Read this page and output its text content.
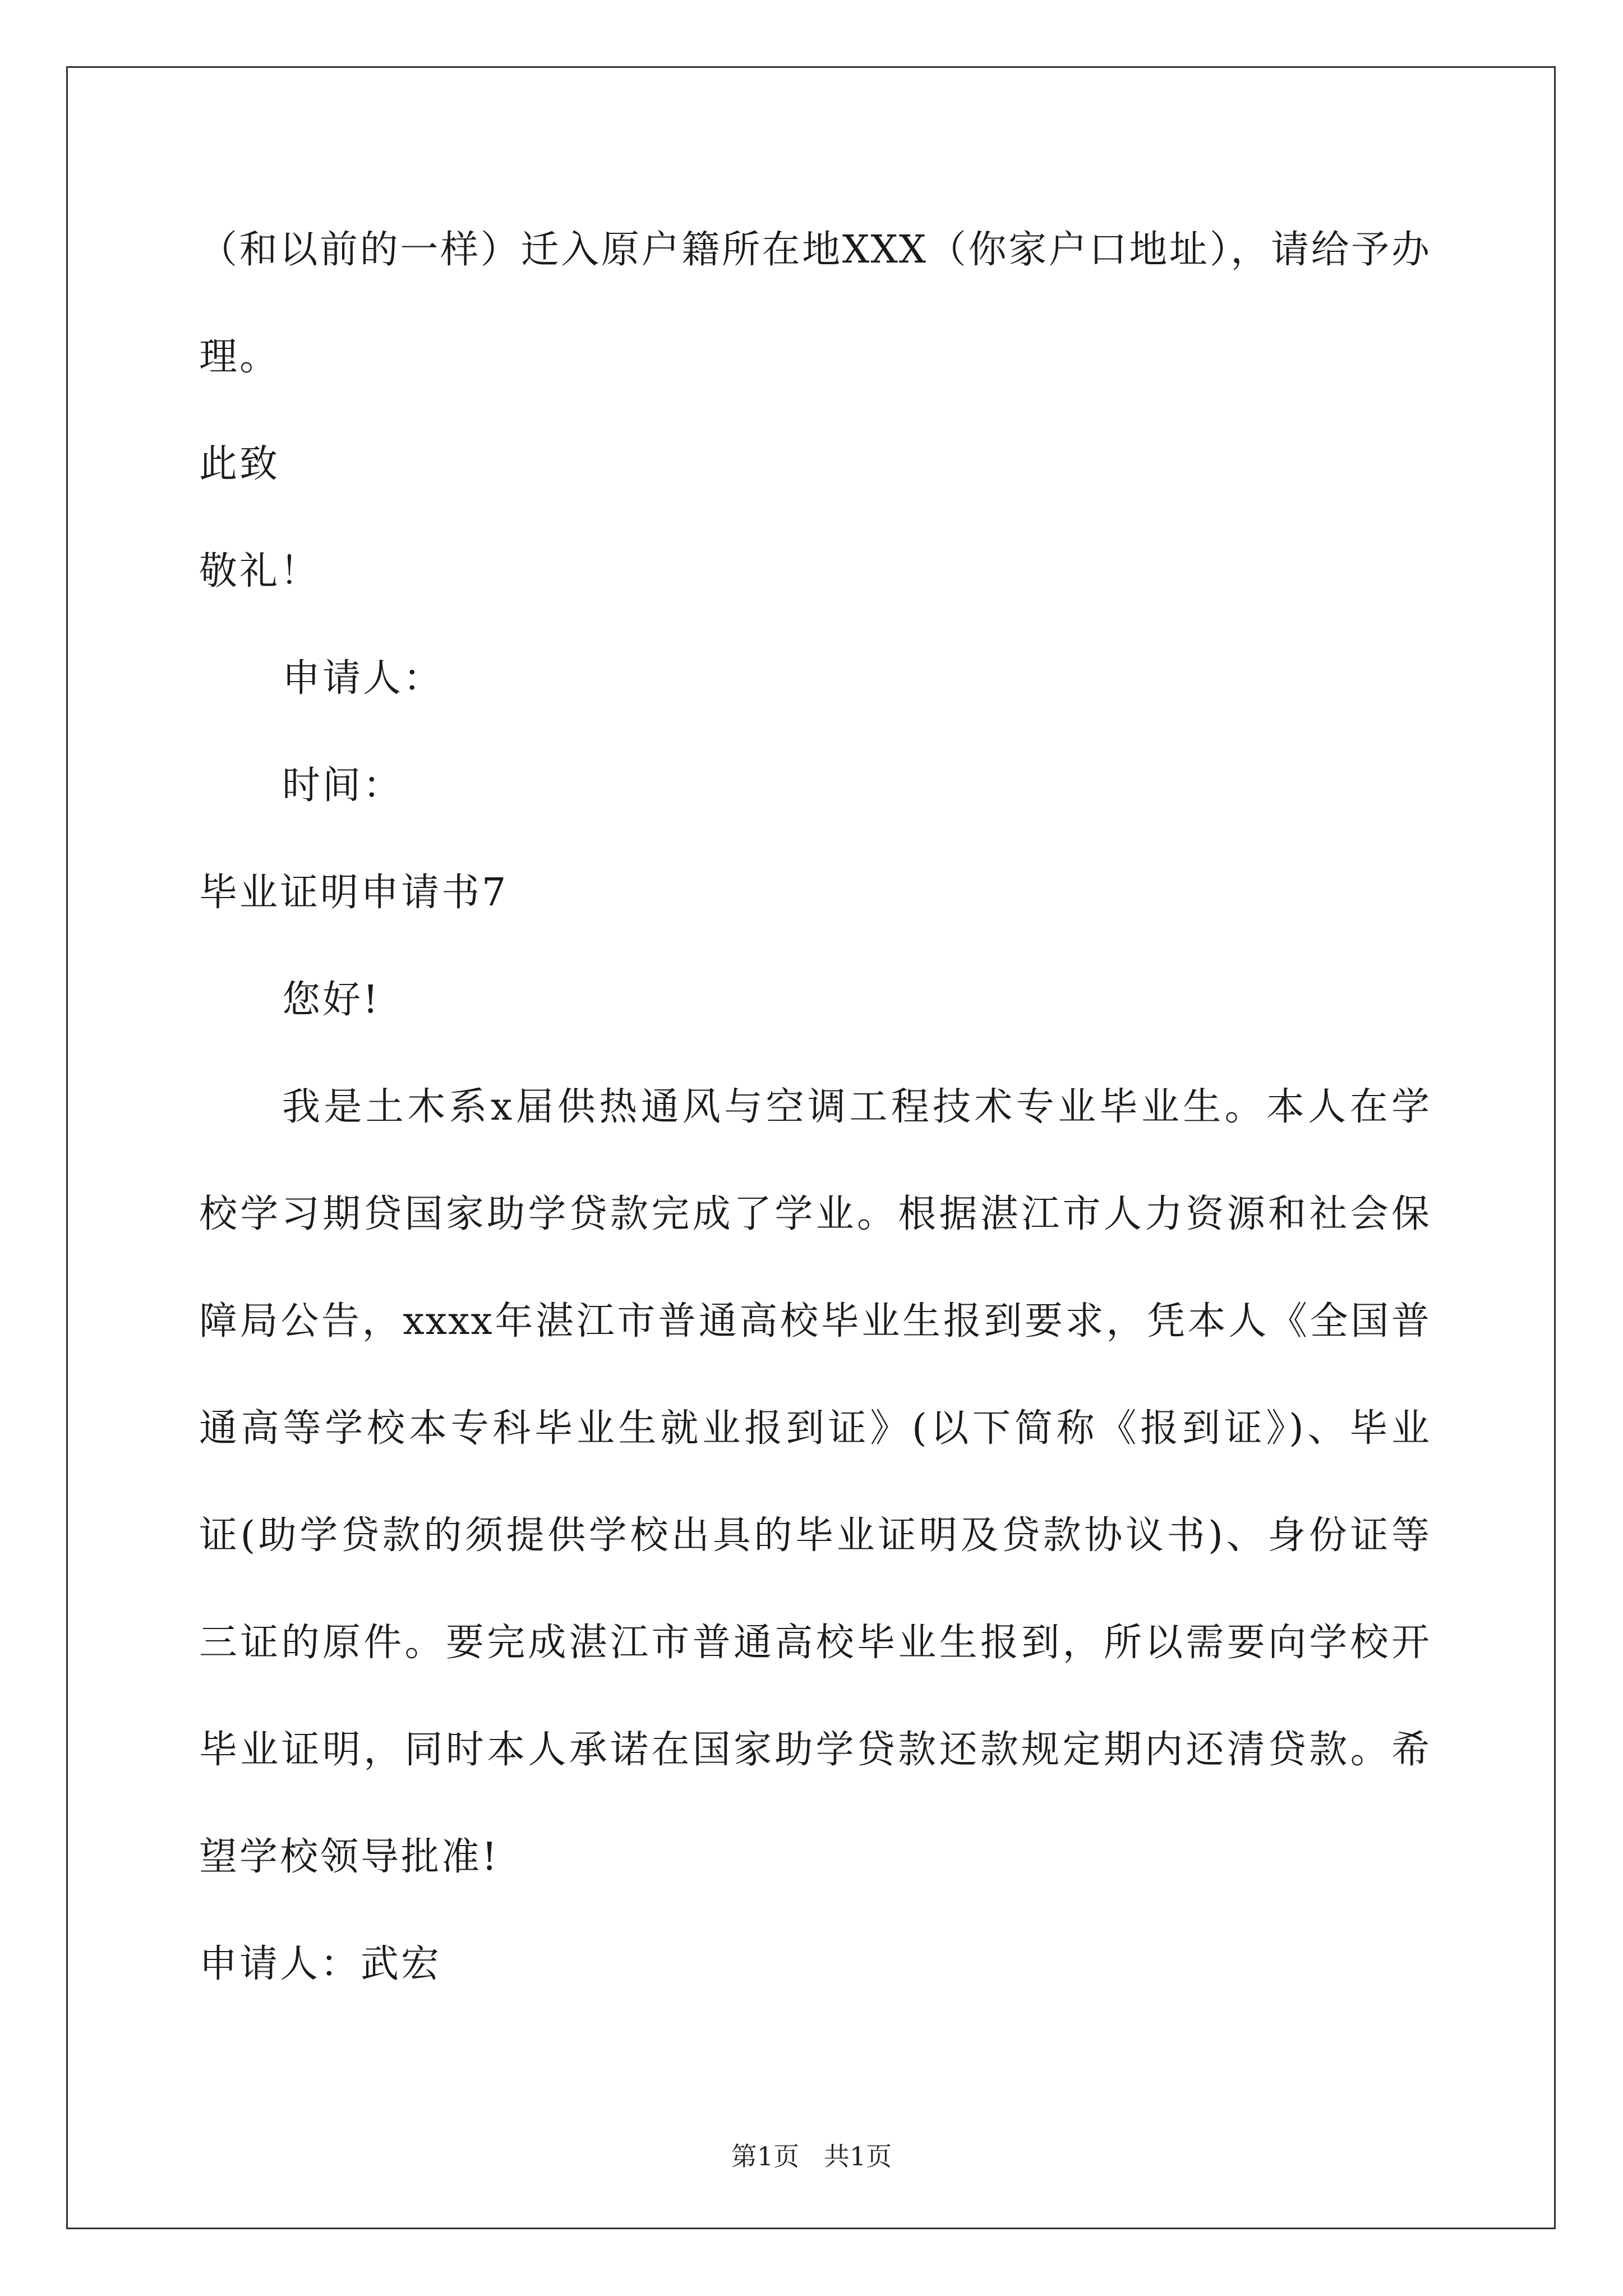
（和以前的一样）迁入原户籍所在地XXX（你家户口地址），请给予办
理。
此致
敬礼！
申请人：
时间：
毕业证明申请书7
您好!
我是土木系x届供热通风与空调工程技术专业毕业生。本人在学
校学习期贷国家助学贷款完成了学业。根据湛江市人力资源和社会保
障局公告，xxxx年湛江市普通高校毕业生报到要求，凭本人《全国普
通高等学校本专科毕业生就业报到证》(以下简称《报到证》)、毕业
证(助学贷款的须提供学校出具的毕业证明及贷款协议书)、身份证等
三证的原件。要完成湛江市普通高校毕业生报到，所以需要向学校开
毕业证明，同时本人承诺在国家助学贷款还款规定期内还清贷款。希
望学校领导批准!
申请人：武宏
第1页   共1页
